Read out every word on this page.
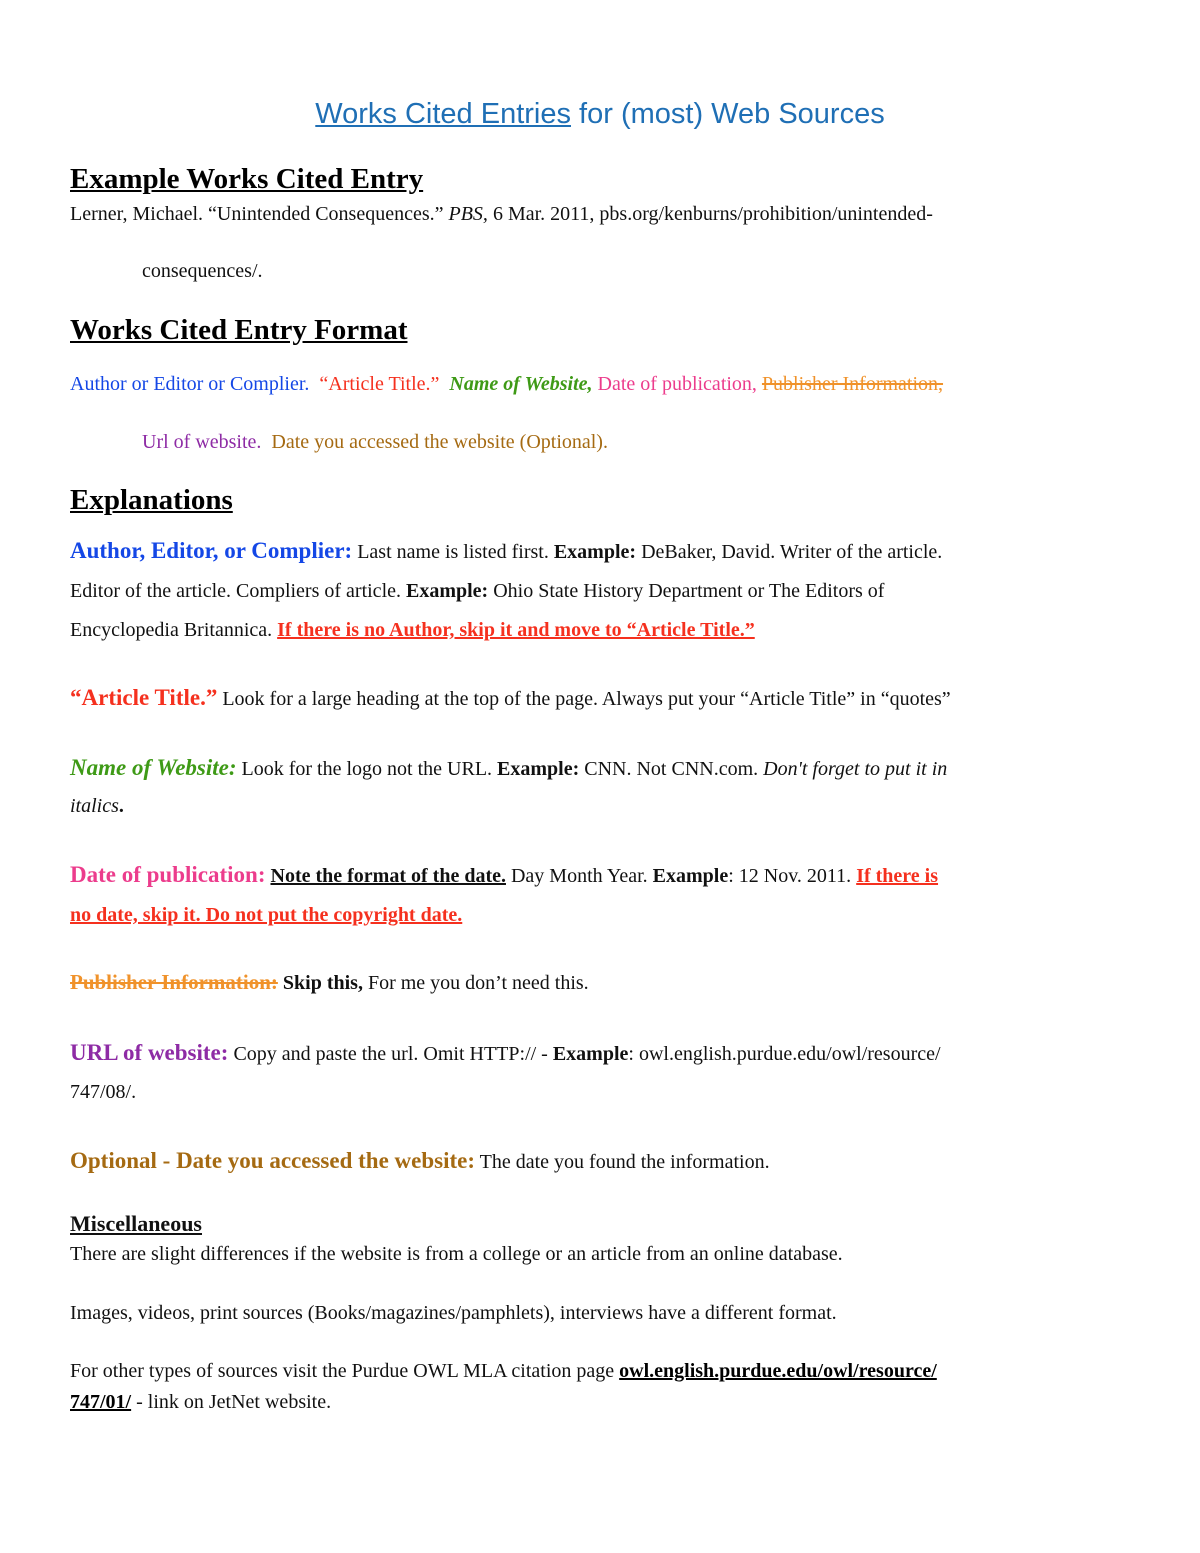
Works Cited Entries for (most) Web Sources
Example Works Cited Entry
Lerner, Michael. “Unintended Consequences.” PBS, 6 Mar. 2011, pbs.org/kenburns/prohibition/unintended-
consequences/.
Works Cited Entry Format
Author or Editor or Complier. “Article Title.” Name of Website, Date of publication, Publisher Information,
Url of website. Date you accessed the website (Optional).
Explanations
Author, Editor, or Complier: Last name is listed first. Example: DeBaker, David. Writer of the article.
Editor of the article. Compliers of article. Example: Ohio State History Department or The Editors of
Encyclopedia Britannica. If there is no Author, skip it and move to “Article Title.”
“Article Title.” Look for a large heading at the top of the page. Always put your “Article Title” in “quotes”
Name of Website: Look for the logo not the URL. Example: CNN. Not CNN.com. Don't forget to put it in
italics.
Date of publication: Note the format of the date. Day Month Year. Example: 12 Nov. 2011. If there is
no date, skip it. Do not put the copyright date.
Publisher Information: Skip this, For me you don’t need this.
URL of website: Copy and paste the url. Omit HTTP:// - Example: owl.english.purdue.edu/owl/resource/
747/08/.
Optional - Date you accessed the website: The date you found the information.
Miscellaneous
There are slight differences if the website is from a college or an article from an online database.
Images, videos, print sources (Books/magazines/pamphlets), interviews have a different format.
For other types of sources visit the Purdue OWL MLA citation page owl.english.purdue.edu/owl/resource/
747/01/ - link on JetNet website.
